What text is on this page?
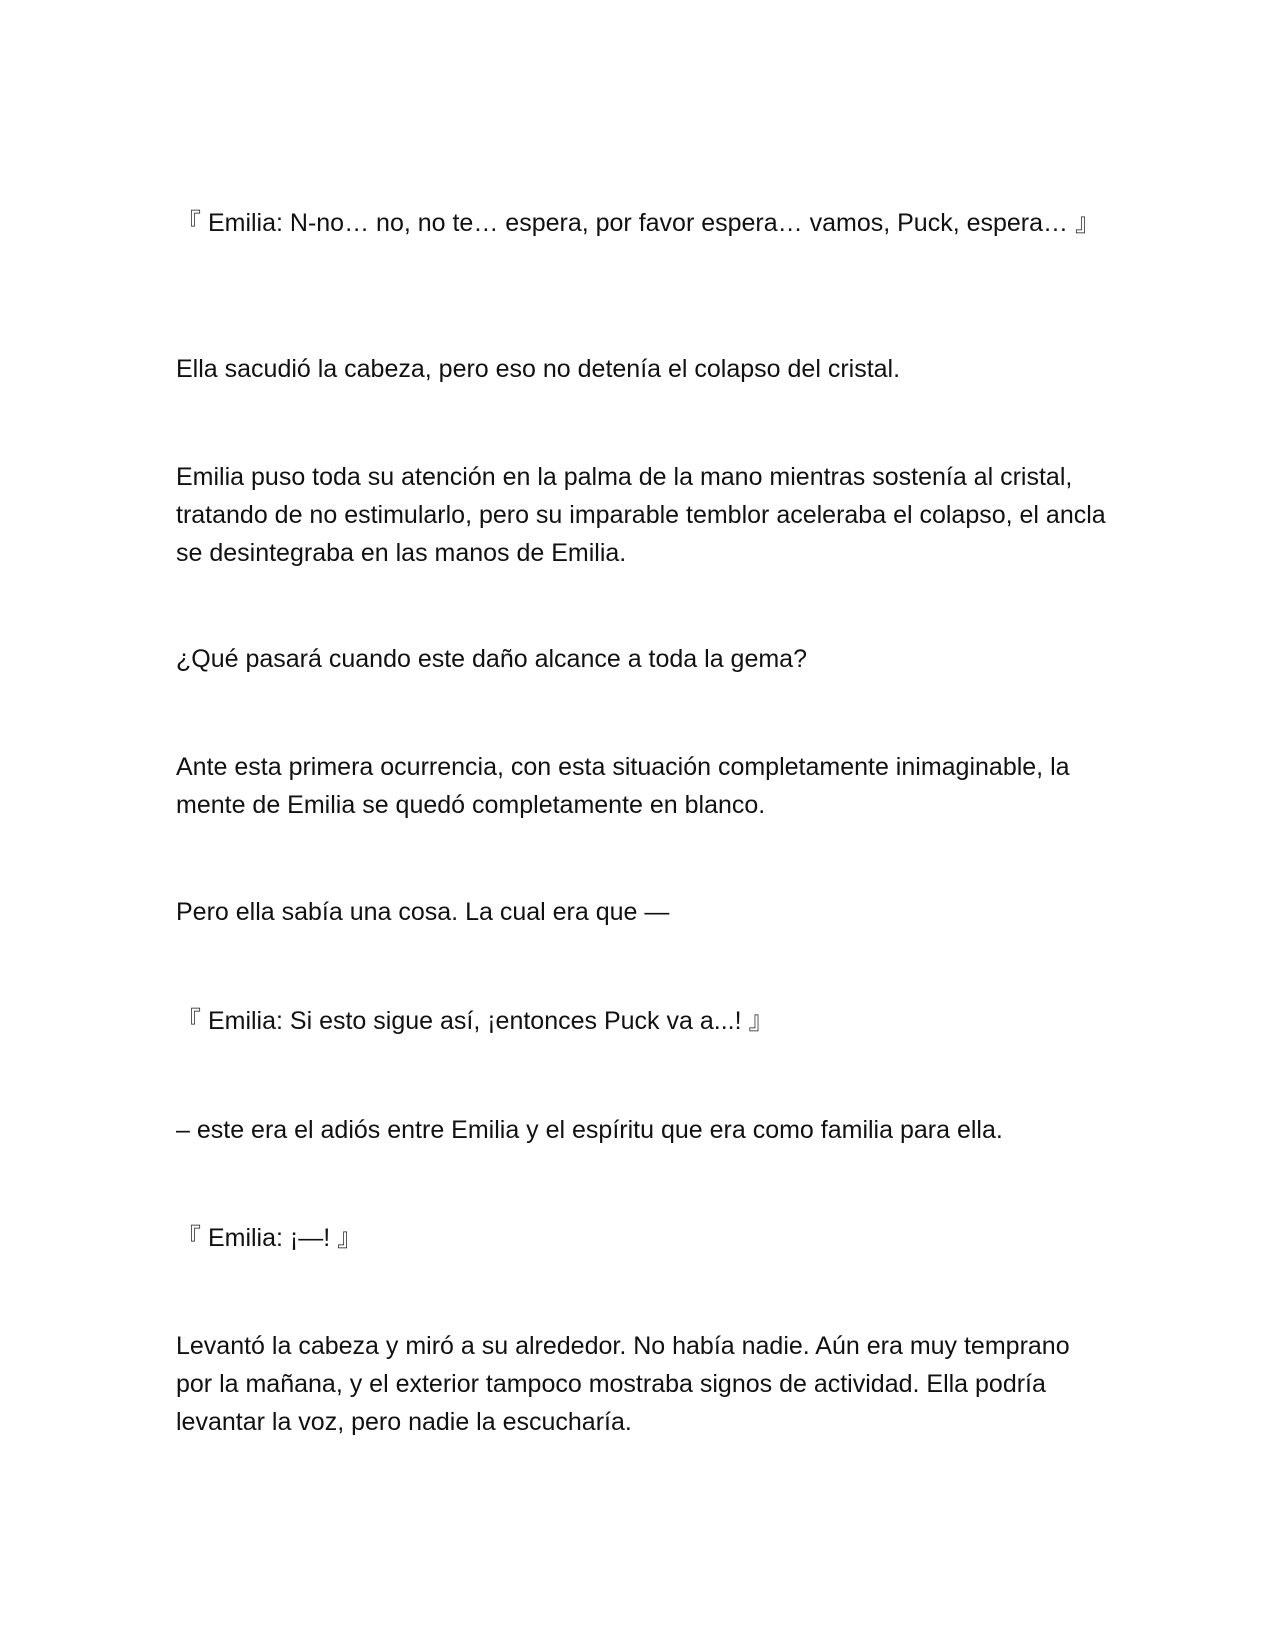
『 Emilia: N-no… no, no te… espera, por favor espera… vamos, Puck, espera… 』

Ella sacudió la cabeza, pero eso no detenía el colapso del cristal.

Emilia puso toda su atención en la palma de la mano mientras sostenía al cristal, tratando de no estimularlo, pero su imparable temblor aceleraba el colapso, el ancla se desintegraba en las manos de Emilia.

¿Qué pasará cuando este daño alcance a toda la gema?

Ante esta primera ocurrencia, con esta situación completamente inimaginable, la mente de Emilia se quedó completamente en blanco.

Pero ella sabía una cosa. La cual era que —

『 Emilia: Si esto sigue así, ¡entonces Puck va a...! 』

– este era el adiós entre Emilia y el espíritu que era como familia para ella.

『 Emilia: ¡—! 』

Levantó la cabeza y miró a su alrededor. No había nadie. Aún era muy temprano por la mañana, y el exterior tampoco mostraba signos de actividad. Ella podría levantar la voz, pero nadie la escucharía.
